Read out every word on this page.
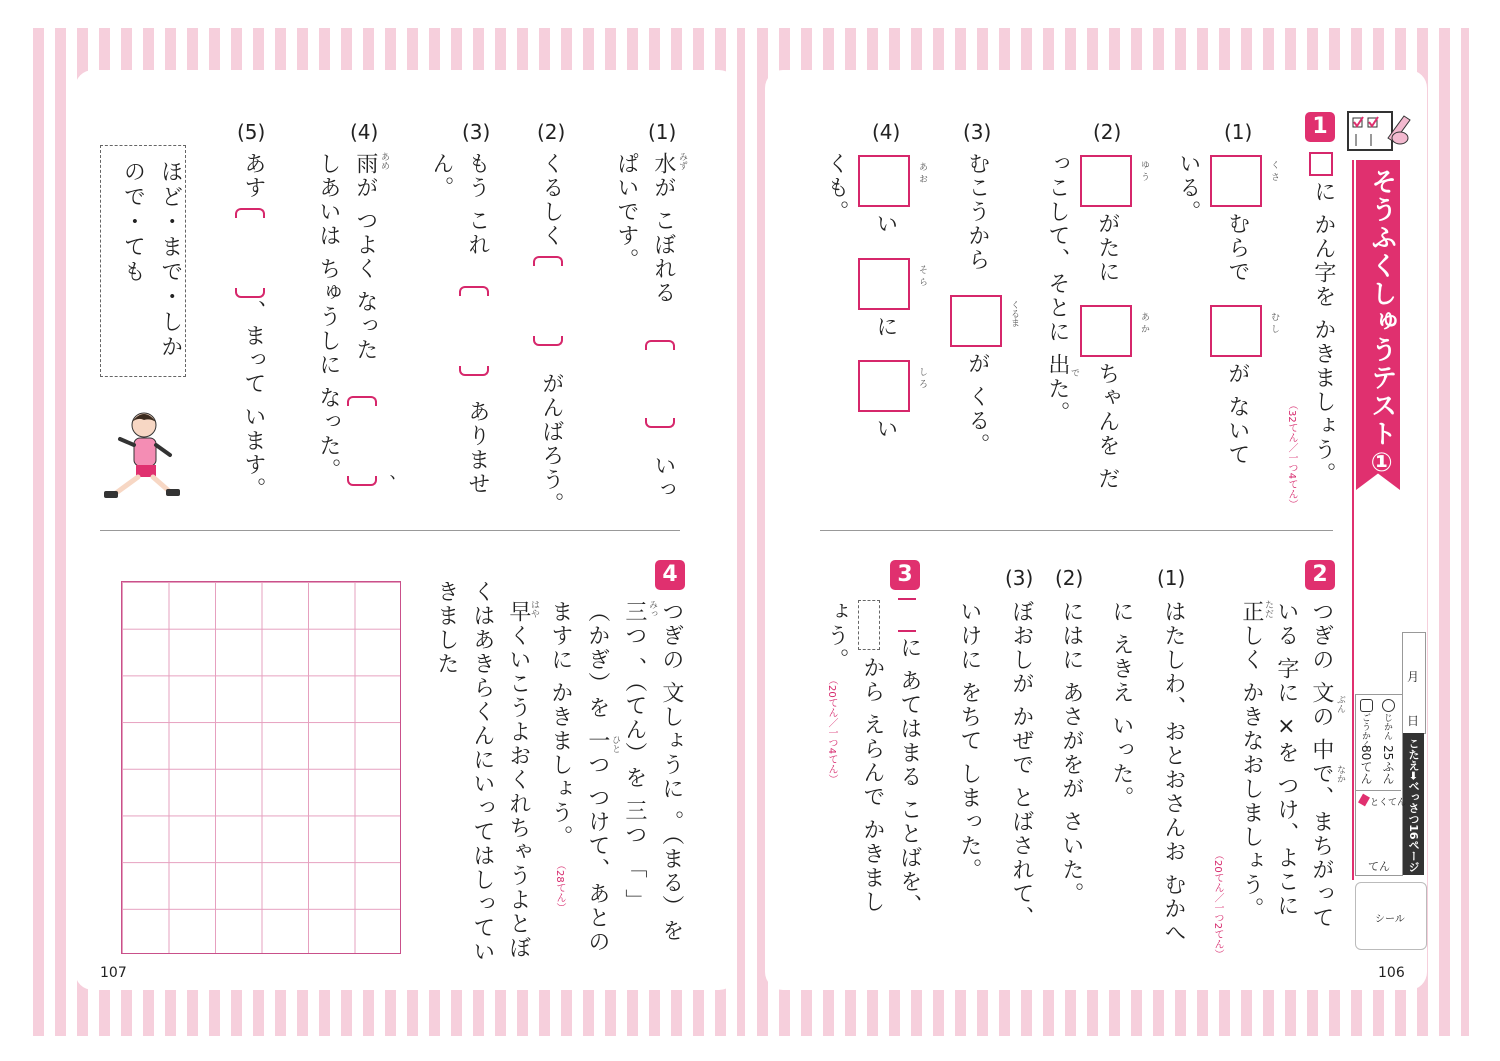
107	106
そうふくしゅうテスト①
月
日
こたえ➡べっさつ16ページ
じかん
25ふん
ごうかく
80てん
とくてん
てん
シール
1
に かん字を かきましょう。
（32てん／一つ4てん）
(1)
く さ
むらで
む し
が ないて
いる。
(2)
ゆ う
がたに
あ か
ちゃんを だ
っこして、そとに 出た。 で
(3)
むこうから
くるま
が くる。
(4)
あ お
い
そ ら
に
し ろ
い
くも。
2
つぎの 文の 中で、まちがって
いる 字に ×を つけ、よこに
正しく かきなおしましょう。	ぶん
なか
ただ
（20てん／一つ2てん）
(1)
はたしわ、おとおさんお むかへ
に えきえ いった。
(2)
にはに あさがをが さいた。
(3)
ぼおしが かぜで とばされて、
いけに をちて しまった。
3
に あてはまる ことばを、
から えらんで かきまし
ょう。
（20てん／一つ4てん）
(1)
みず
水が こぼれる
いっ
ぱいです。
(2)
くるしく
がんばろう。
(3)
もう これ
ありませ
ん。
(4)
あめ
雨が つよく なった
、
しあいは ちゅうしに なった。
(5)
あす
、まって います。
ほど・まで・しか ので・ても
4
つぎの 文しょうに 。（まる）を
三つ 、（てん）を 三つ 「 」
（かぎ）を 一つ つけて、あとの
ますに かきましょう。	みっ
ひと
（28てん）
はや
早くいこうよおくれちゃうよとぼ
くはあきらくんにいってはしってい
きました
